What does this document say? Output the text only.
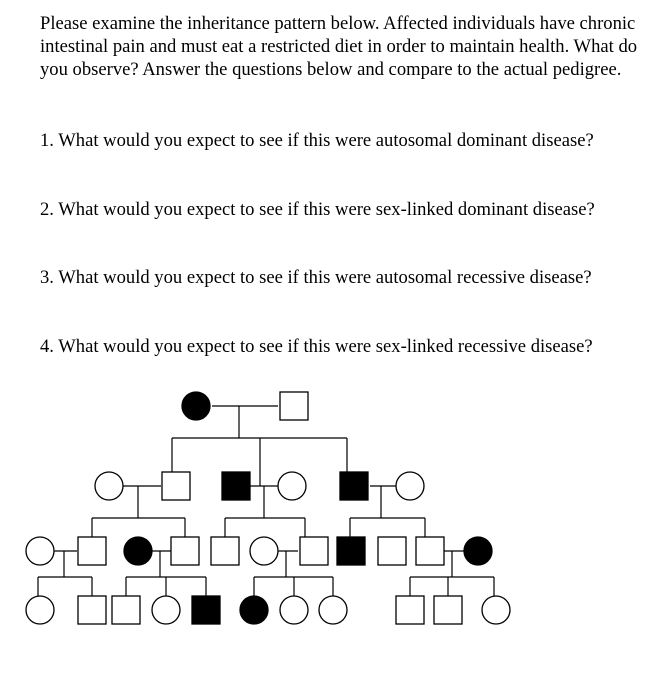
Please examine the inheritance pattern below. Affected individuals have chronic intestinal pain and must eat a restricted diet in order to maintain health. What do you observe? Answer the questions below and compare to the actual pedigree.

1. What would you expect to see if this were autosomal dominant disease?

2. What would you expect to see if this were sex-linked dominant disease?

3. What would you expect to see if this were autosomal recessive disease?

4. What would you expect to see if this were sex-linked recessive disease?
